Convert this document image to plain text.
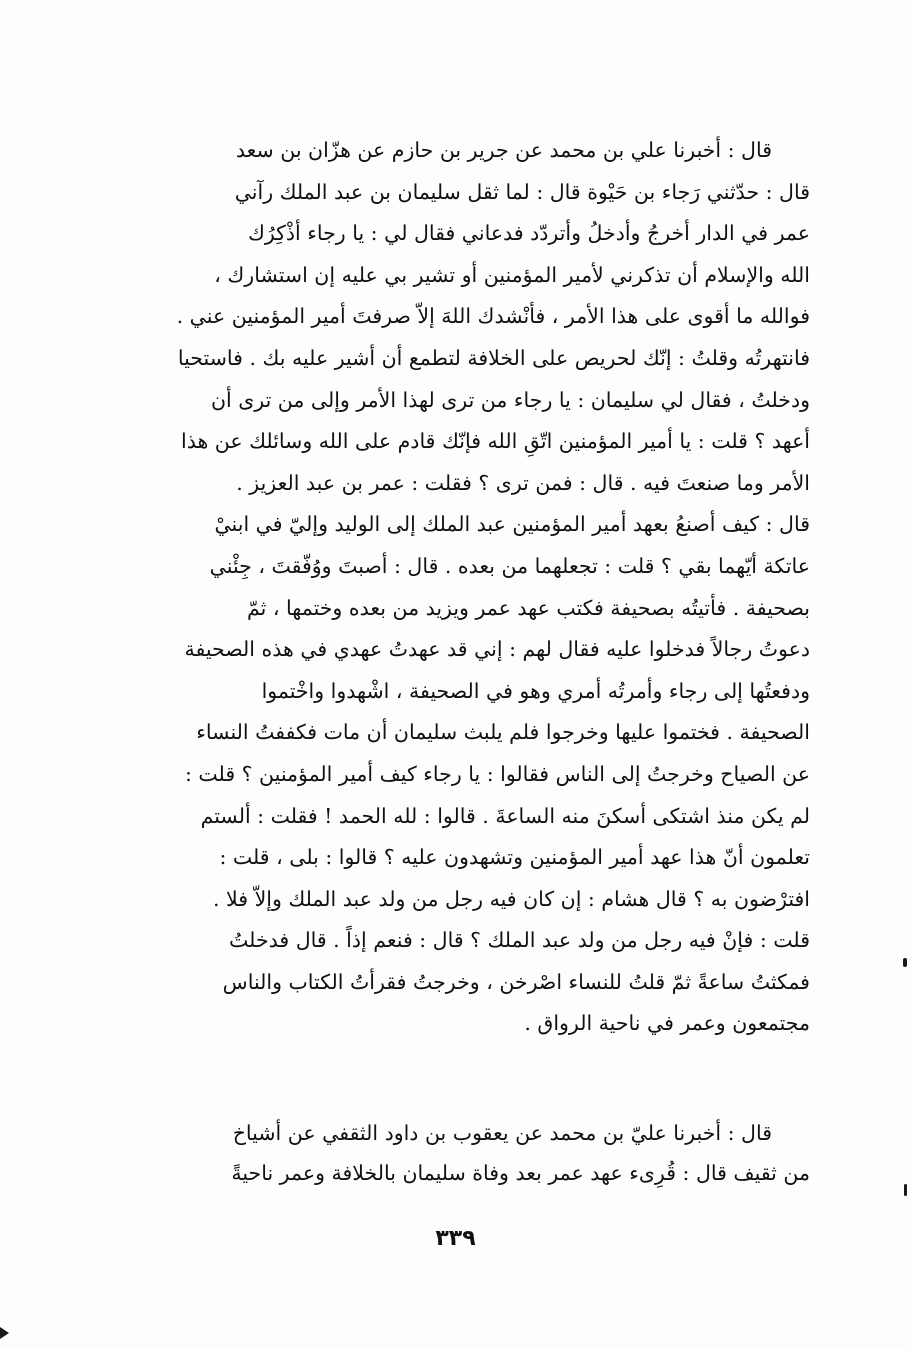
قال : أخبرنا علي بن محمد عن جرير بن حازم عن هزّان بن سعد
قال : حدّثني رَجاء بن حَيْوة قال : لما ثقل سليمان بن عبد الملك رآني
عمر في الدار أخرجُ وأدخلُ وأتردّد فدعاني فقال لي : يا رجاء أذْكِرُك
الله والإسلام أن تذكرني لأمير المؤمنين أو تشير بي عليه إن استشارك ،
فوالله ما أقوى على هذا الأمر ، فأنْشدك اللهَ إلاّ صرفتَ أمير المؤمنين عني .
فانتهرتُه وقلتُ : إنّك لحريص على الخلافة لتطمع أن أشير عليه بك . فاستحيا
ودخلتُ ، فقال لي سليمان : يا رجاء من ترى لهذا الأمر وإلى من ترى أن
أعهد ؟ قلت : يا أمير المؤمنين اتّقِ الله فإنّك قادم على الله وسائلك عن هذا
الأمر وما صنعتَ فيه . قال : فمن ترى ؟ فقلت : عمر بن عبد العزيز .
قال : كيف أصنعُ بعهد أمير المؤمنين عبد الملك إلى الوليد وإليّ في ابنيْ
عاتكة أيّهما بقي ؟ قلت : تجعلهما من بعده . قال : أصبتَ ووُفّقتَ ، جِئْني
بصحيفة . فأتيتُه بصحيفة فكتب عهد عمر ويزيد من بعده وختمها ، ثمّ
دعوتُ رجالاً فدخلوا عليه فقال لهم : إني قد عهدتُ عهدي في هذه الصحيفة
ودفعتُها إلى رجاء وأمرتُه أمري وهو في الصحيفة ، اشْهدوا واخْتموا
الصحيفة . فختموا عليها وخرجوا فلم يلبث سليمان أن مات فكففتُ النساء
عن الصياح وخرجتُ إلى الناس فقالوا : يا رجاء كيف أمير المؤمنين ؟ قلت :
لم يكن منذ اشتكى أسكنَ منه الساعةَ . قالوا : لله الحمد ! فقلت : ألستم
تعلمون أنّ هذا عهد أمير المؤمنين وتشهدون عليه ؟ قالوا : بلى ، قلت :
افترْضون به ؟ قال هشام : إن كان فيه رجل من ولد عبد الملك وإلاّ فلا .
قلت : فإنْ فيه رجل من ولد عبد الملك ؟ قال : فنعم إذاً . قال فدخلتُ
فمكثتُ ساعةً ثمّ قلتُ للنساء اصْرخن ، وخرجتُ فقرأتُ الكتاب والناس
مجتمعون وعمر في ناحية الرواق .
قال : أخبرنا عليّ بن محمد عن يعقوب بن داود الثقفي عن أشياخ
من ثقيف قال : قُرِىء عهد عمر بعد وفاة سليمان بالخلافة وعمر ناحيةً
٣٣٩
